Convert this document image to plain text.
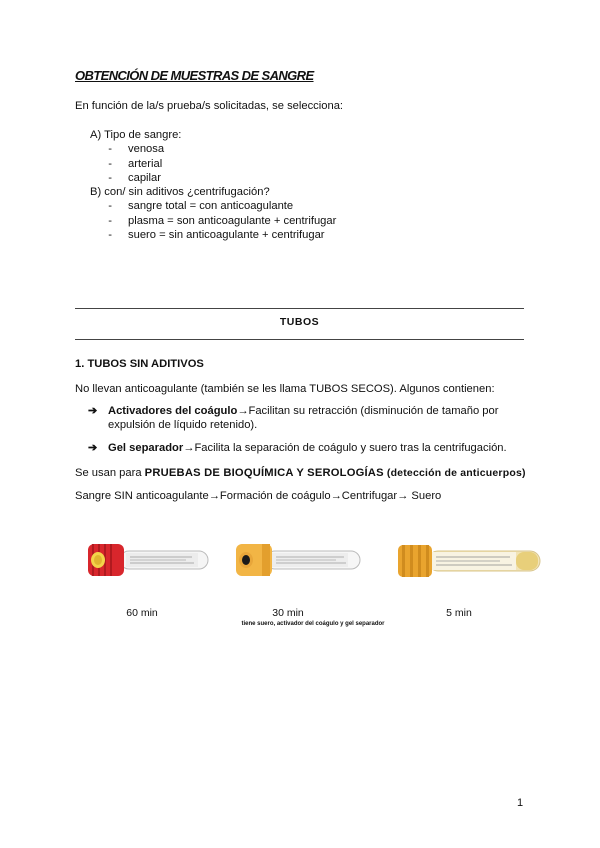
OBTENCIÓN DE MUESTRAS DE SANGRE
En función de la/s prueba/s solicitadas, se selecciona:
A) Tipo de sangre:
-	venosa
-	arterial
-	capilar
B) con/ sin aditivos ¿centrifugación?
-	sangre total = con anticoagulante
-	plasma = son anticoagulante + centrifugar
-	suero = sin anticoagulante + centrifugar
TUBOS
1. TUBOS SIN ADITIVOS
No llevan anticoagulante (también se les llama TUBOS SECOS). Algunos contienen:
➔ Activadores del coágulo→Facilitan su retracción (disminución de tamaño por expulsión de líquido retenido).
➔ Gel separador→Facilita la separación de coágulo y suero tras la centrifugación.
Se usan para PRUEBAS DE BIOQUÍMICA Y SEROLOGÍAS (detección de anticuerpos)
Sangre SIN anticoagulante→Formación de coágulo→Centrifugar→ Suero
60 min	30 min	5 min
tiene suero, activador del coágulo y gel separador
1
